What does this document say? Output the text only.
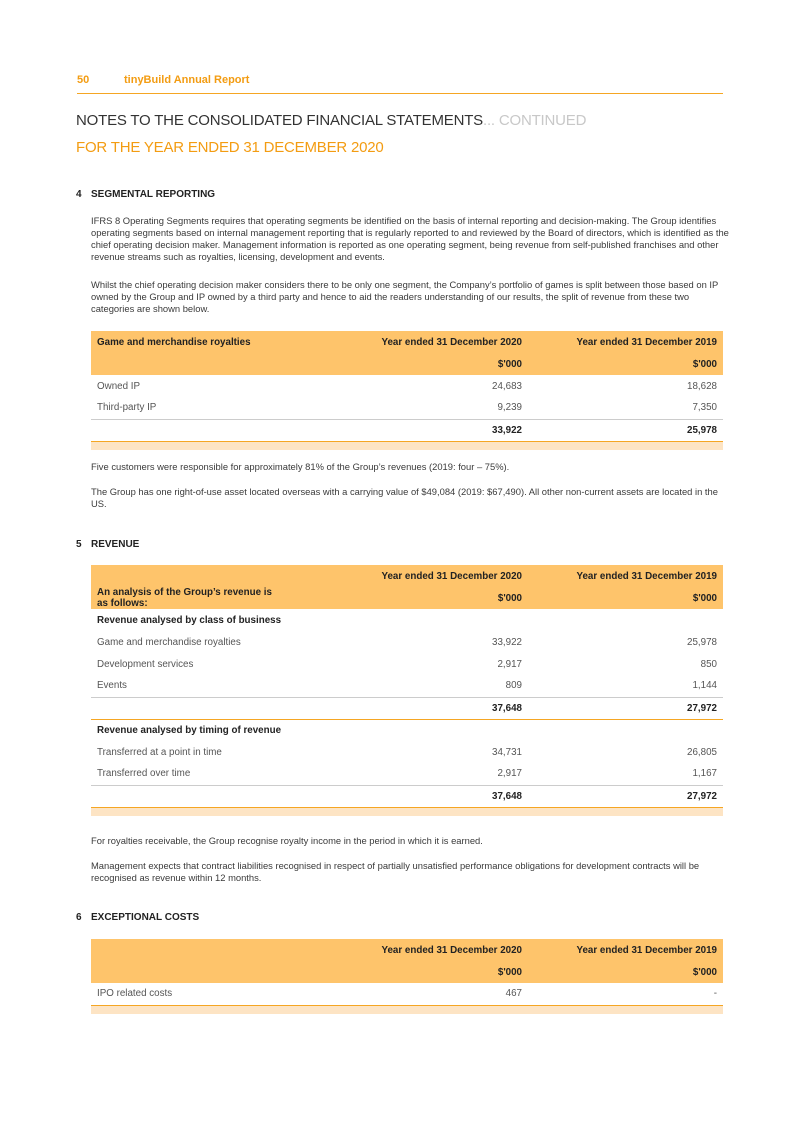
50	tinyBuild Annual Report
NOTES TO THE CONSOLIDATED FINANCIAL STATEMENTS... CONTINUED
FOR THE YEAR ENDED 31 DECEMBER 2020
4 SEGMENTAL REPORTING
IFRS 8 Operating Segments requires that operating segments be identified on the basis of internal reporting and decision-making. The Group identifies operating segments based on internal management reporting that is regularly reported to and reviewed by the Board of directors, which is identified as the chief operating decision maker. Management information is reported as one operating segment, being revenue from self-published franchises and other revenue streams such as royalties, licensing, development and events.
Whilst the chief operating decision maker considers there to be only one segment, the Company’s portfolio of games is split between those based on IP owned by the Group and IP owned by a third party and hence to aid the readers understanding of our results, the split of revenue from these two categories are shown below.
Game and merchandise royalties	Year ended 31 December 2020	Year ended 31 December 2019
	$'000	$'000
Owned IP	24,683	18,628
Third-party IP	9,239	7,350
	33,922	25,978

Five customers were responsible for approximately 81% of the Group’s revenues (2019: four – 75%).
The Group has one right-of-use asset located overseas with a carrying value of $49,084 (2019: $67,490). All other non-current assets are located in the US.
5 REVENUE
	Year ended 31 December 2020	Year ended 31 December 2019
An analysis of the Group’s revenue is as follows:	$'000	$'000
Revenue analysed by class of business		
Game and merchandise royalties	33,922	25,978
Development services	2,917	850
Events	809	1,144
	37,648	27,972
Revenue analysed by timing of revenue		
Transferred at a point in time	34,731	26,805
Transferred over time	2,917	1,167
	37,648	27,972

For royalties receivable, the Group recognise royalty income in the period in which it is earned.
Management expects that contract liabilities recognised in respect of partially unsatisfied performance obligations for development contracts will be recognised as revenue within 12 months.
6 EXCEPTIONAL COSTS
	Year ended 31 December 2020	Year ended 31 December 2019
	$'000	$'000
IPO related costs	467	-
